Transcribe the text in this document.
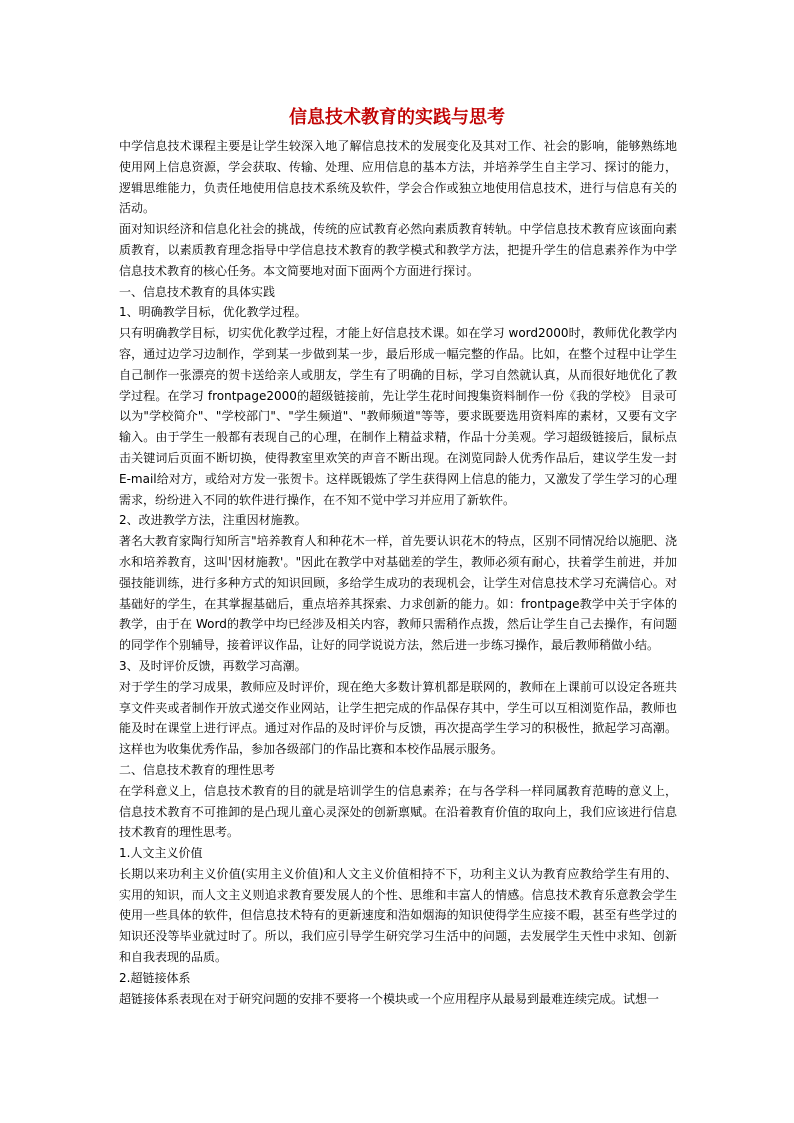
信息技术教育的实践与思考

中学信息技术课程主要是让学生较深入地了解信息技术的发展变化及其对工作、社会的影响，能够熟练地使用网上信息资源，学会获取、传输、处理、应用信息的基本方法，并培养学生自主学习、探讨的能力，逻辑思维能力，负责任地使用信息技术系统及软件，学会合作或独立地使用信息技术，进行与信息有关的活动。

面对知识经济和信息化社会的挑战，传统的应试教育必然向素质教育转轨。中学信息技术教育应该面向素质教育，以素质教育理念指导中学信息技术教育的教学模式和教学方法，把提升学生的信息素养作为中学信息技术教育的核心任务。本文简要地对面下面两个方面进行探讨。

一、信息技术教育的具体实践

1、明确教学目标，优化教学过程。

只有明确教学目标，切实优化教学过程，才能上好信息技术课。如在学习 word2000时，教师优化教学内容，通过边学习边制作，学到某一步做到某一步，最后形成一幅完整的作品。比如，在整个过程中让学生自己制作一张漂亮的贺卡送给亲人或朋友，学生有了明确的目标，学习自然就认真，从而很好地优化了教学过程。在学习 frontpage2000的超级链接前，先让学生花时间搜集资料制作一份《我的学校》 目录可以为"学校简介"、"学校部门"、"学生频道"、"教师频道"等等，要求既要选用资料库的素材，又要有文字输入。由于学生一般都有表现自己的心理，在制作上精益求精，作品十分美观。学习超级链接后，鼠标点击关键词后页面不断切换，使得教室里欢笑的声音不断出现。在浏览同龄人优秀作品后，建议学生发一封 E-mail给对方，或给对方发一张贺卡。这样既锻炼了学生获得网上信息的能力，又激发了学生学习的心理需求，纷纷进入不同的软件进行操作，在不知不觉中学习并应用了新软件。

2、改进教学方法，注重因材施教。

著名大教育家陶行知所言"培养教育人和种花木一样，首先要认识花木的特点，区别不同情况给以施肥、浇水和培养教育，这叫'因材施教'。"因此在教学中对基础差的学生，教师必须有耐心，扶着学生前进，并加强技能训练，进行多种方式的知识回顾，多给学生成功的表现机会，让学生对信息技术学习充满信心。对基础好的学生，在其掌握基础后，重点培养其探索、力求创新的能力。如：frontpage教学中关于字体的教学，由于在 Word的教学中均已经涉及相关内容，教师只需稍作点拨，然后让学生自己去操作，有问题的同学作个别辅导，接着评议作品，让好的同学说说方法，然后进一步练习操作，最后教师稍做小结。

3、及时评价反馈，再数学习高潮。

对于学生的学习成果，教师应及时评价，现在绝大多数计算机都是联网的，教师在上课前可以设定各班共享文件夹或者制作开放式递交作业网站，让学生把完成的作品保存其中，学生可以互相浏览作品，教师也能及时在课堂上进行评点。通过对作品的及时评价与反馈，再次提高学生学习的积极性，掀起学习高潮。这样也为收集优秀作品，参加各级部门的作品比赛和本校作品展示服务。

二、信息技术教育的理性思考

在学科意义上，信息技术教育的目的就是培训学生的信息素养；在与各学科一样同属教育范畴的意义上，信息技术教育不可推卸的是凸现儿童心灵深处的创新禀赋。在沿着教育价值的取向上，我们应该进行信息技术教育的理性思考。

1.人文主义价值

长期以来功利主义价值(实用主义价值)和人文主义价值相持不下，功利主义认为教育应教给学生有用的、实用的知识，而人文主义则追求教育要发展人的个性、思维和丰富人的情感。信息技术教育乐意教会学生使用一些具体的软件，但信息技术特有的更新速度和浩如烟海的知识使得学生应接不暇，甚至有些学过的知识还没等毕业就过时了。所以，我们应引导学生研究学习生活中的问题，去发展学生天性中求知、创新和自我表现的品质。

2.超链接体系

超链接体系表现在对于研究问题的安排不要将一个模块或一个应用程序从最易到最难连续完成。试想一
